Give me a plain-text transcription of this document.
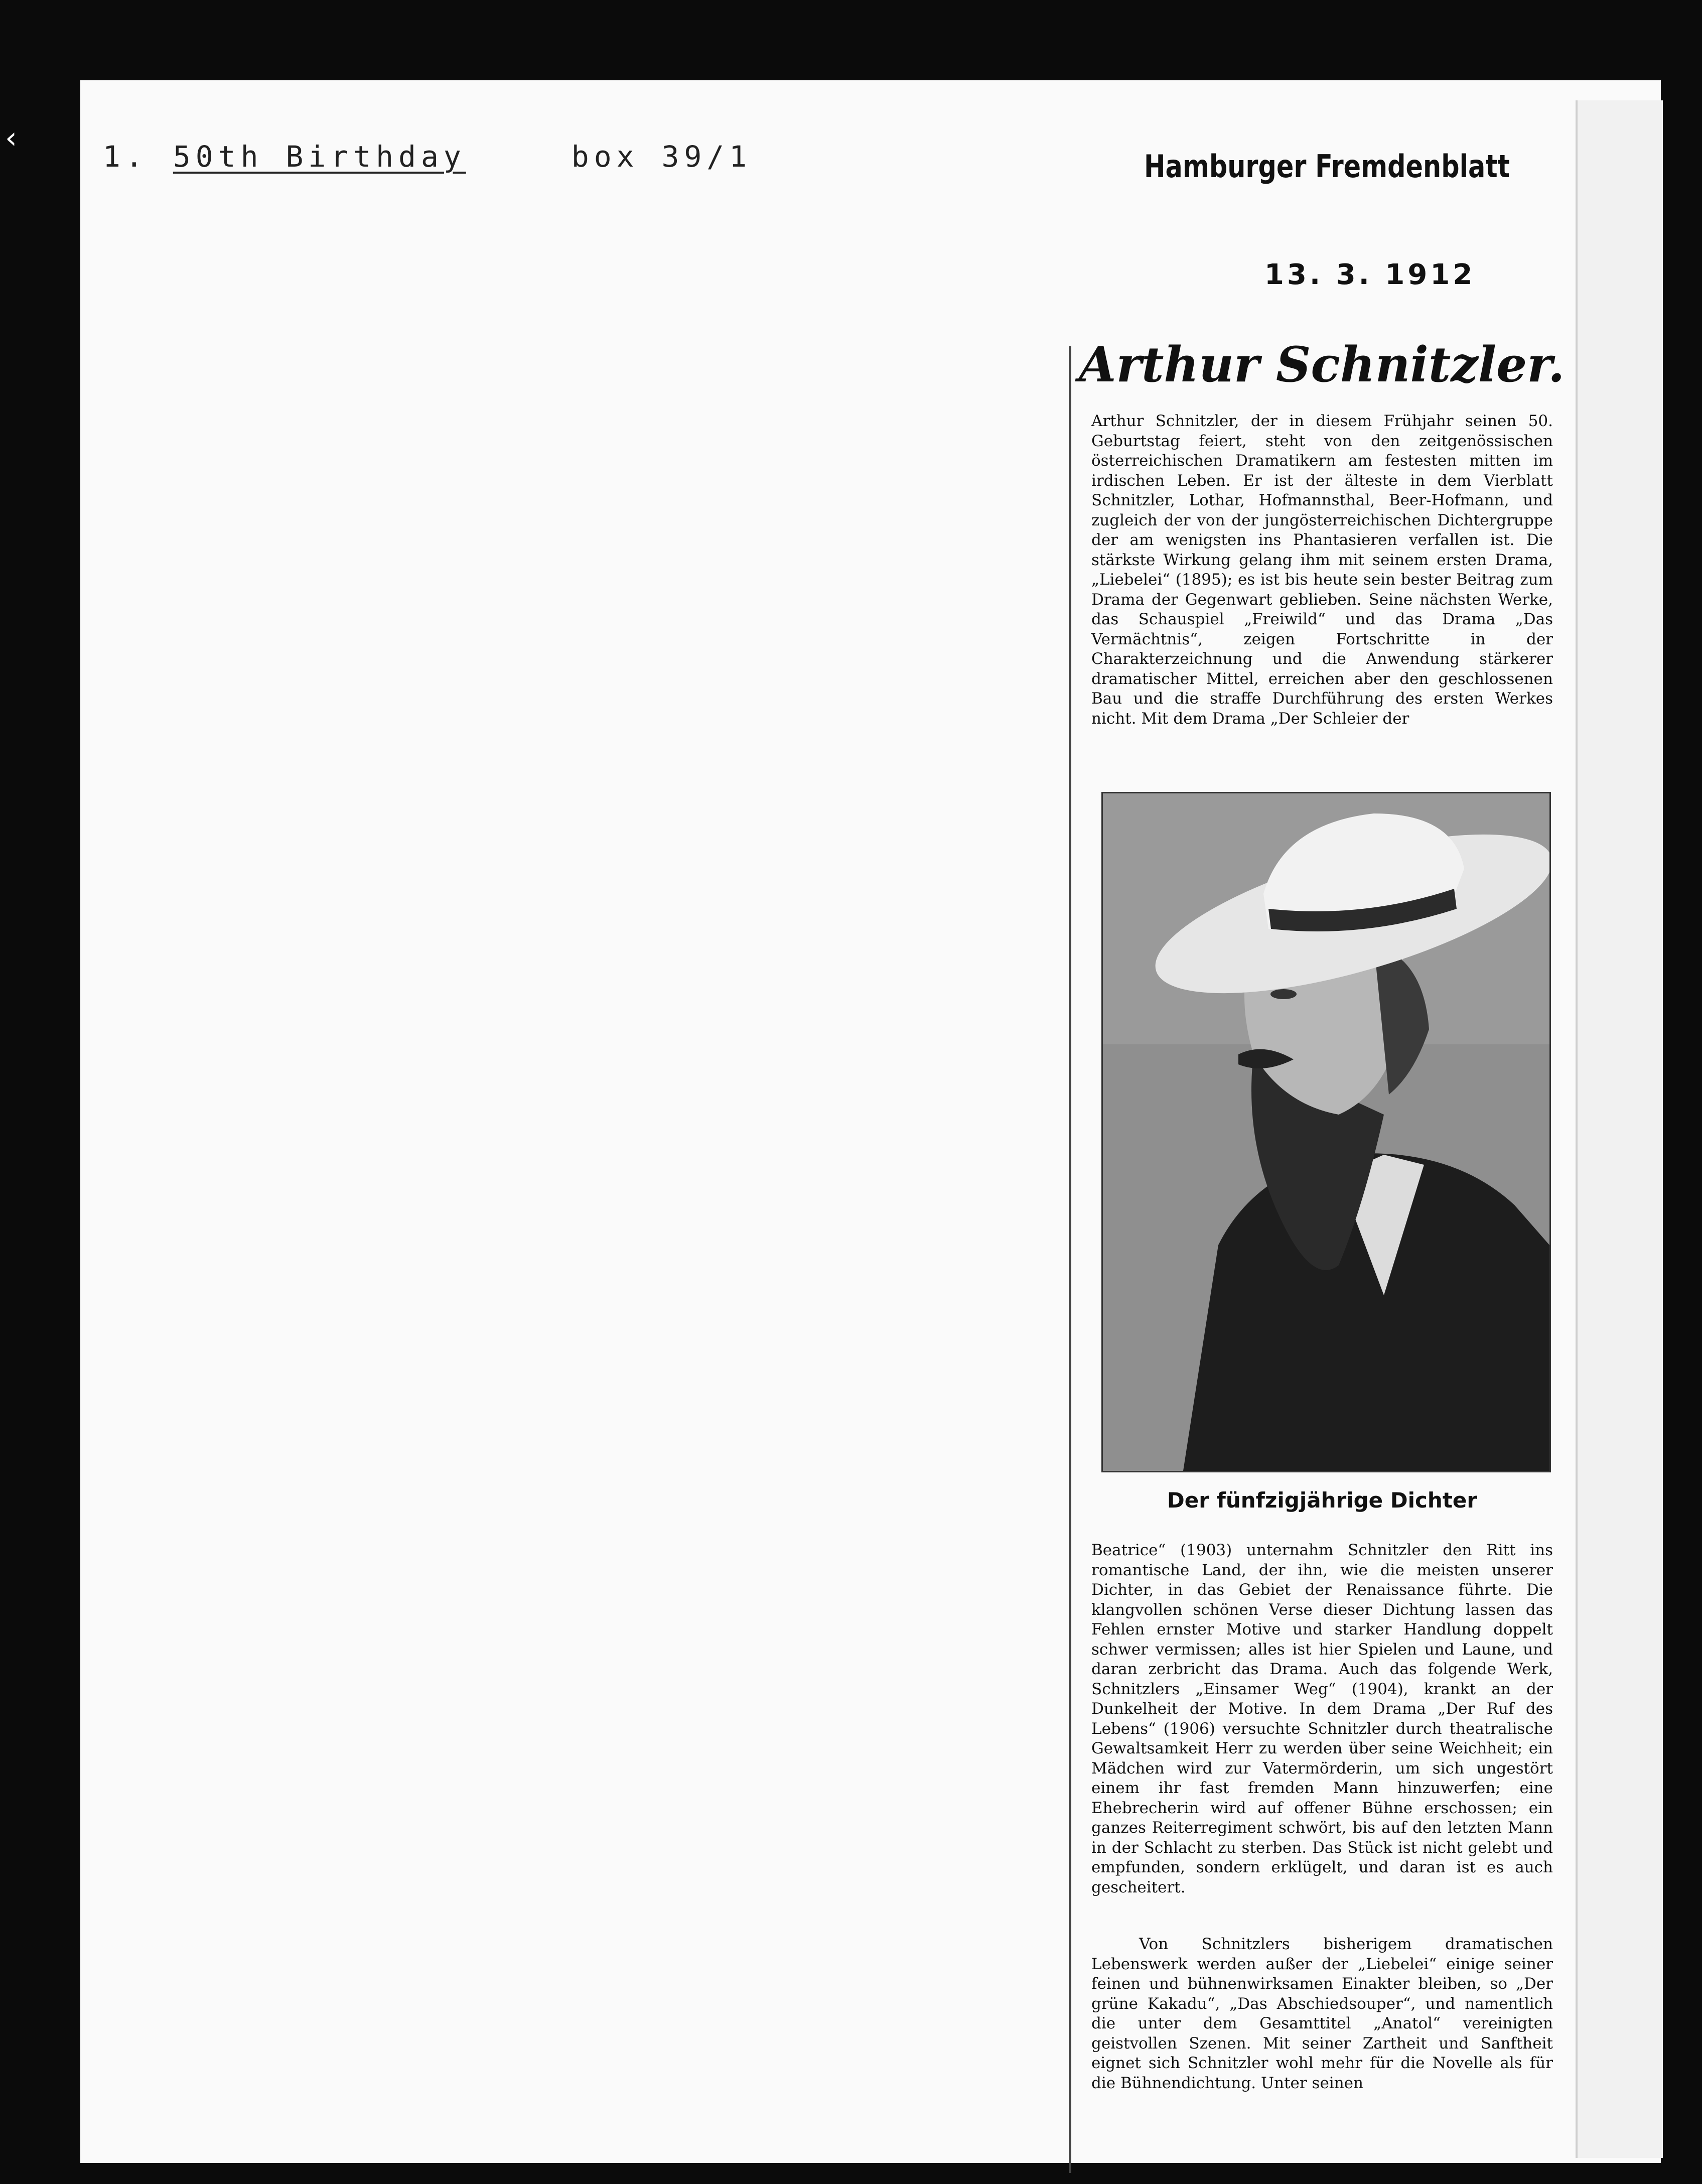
‹
1. 50th Birthday	box 39/1	Hamburger Fremdenblatt
13. 3. 1912
Arthur Schnitzler.

Arthur Schnitzler, der in diesem Frühjahr seinen 50. Geburtstag feiert, steht von den zeitgenössischen österreichischen Dramatikern am festesten mitten im irdischen Leben. Er ist der älteste in dem Vierblatt Schnitzler, Lothar, Hofmannsthal, Beer-Hofmann, und zugleich der von der jungösterreichischen Dichtergruppe der am wenigsten ins Phantasieren verfallen ist. Die stärkste Wirkung gelang ihm mit seinem ersten Drama, „Liebelei“ (1895); es ist bis heute sein bester Beitrag zum Drama der Gegenwart geblieben. Seine nächsten Werke, das Schauspiel „Freiwild“ und das Drama „Das Vermächtnis“, zeigen Fortschritte in der Charakterzeichnung und die Anwendung stärkerer dramatischer Mittel, erreichen aber den geschlossenen Bau und die straffe Durchführung des ersten Werkes nicht. Mit dem Drama „Der Schleier der

Der fünfzigjährige Dichter

Beatrice“ (1903) unternahm Schnitzler den Ritt ins romantische Land, der ihn, wie die meisten unserer Dichter, in das Gebiet der Renaissance führte. Die klangvollen schönen Verse dieser Dichtung lassen das Fehlen ernster Motive und starker Handlung doppelt schwer vermissen; alles ist hier Spielen und Laune, und daran zerbricht das Drama. Auch das folgende Werk, Schnitzlers „Einsamer Weg“ (1904), krankt an der Dunkelheit der Motive. In dem Drama „Der Ruf des Lebens“ (1906) versuchte Schnitzler durch theatralische Gewaltsamkeit Herr zu werden über seine Weichheit; ein Mädchen wird zur Vatermörderin, um sich ungestört einem ihr fast fremden Mann hinzuwerfen; eine Ehebrecherin wird auf offener Bühne erschossen; ein ganzes Reiterregiment schwört, bis auf den letzten Mann in der Schlacht zu sterben. Das Stück ist nicht gelebt und empfunden, sondern erklügelt, und daran ist es auch gescheitert.

Von Schnitzlers bisherigem dramatischen Lebenswerk werden außer der „Liebelei“ einige seiner feinen und bühnenwirksamen Einakter bleiben, so „Der grüne Kakadu“, „Das Abschiedsouper“, und namentlich die unter dem Gesamttitel „Anatol“ vereinigten geistvollen Szenen. Mit seiner Zartheit und Sanftheit eignet sich Schnitzler wohl mehr für die Novelle als für die Bühnendichtung. Unter seinen
